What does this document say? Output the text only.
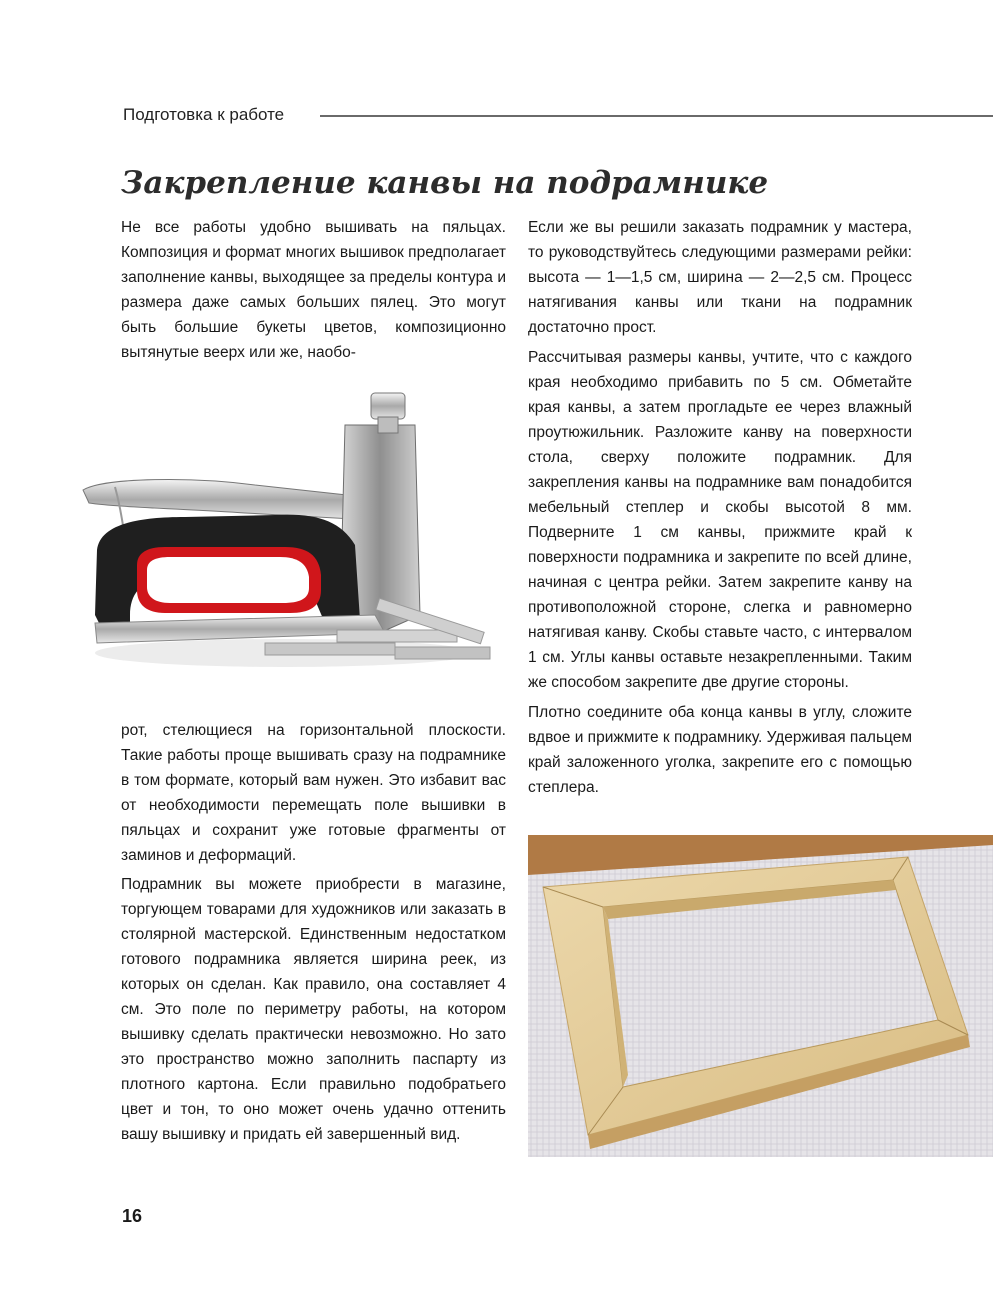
Подготовка к работе
Закрепление канвы на подрамнике

Не все работы удобно вышивать на пяльцах. Композиция и формат многих вышивок предполагает заполнение канвы, выходящее за пределы контура и размера даже самых больших пялец. Это могут быть большие букеты цветов, композиционно вытянутые веерх или же, наобо-

рот, стелющиеся на горизонтальной плоскости. Такие работы проще вышивать сразу на подрамнике в том формате, который вам нужен. Это избавит вас от необходимости перемещать поле вышивки в пяльцах и сохранит уже готовые фрагменты от заминов и деформаций.

Подрамник вы можете приобрести в магазине, торгующем товарами для художников или заказать в столярной мастерской. Единственным недостатком готового подрамника является ширина реек, из которых он сделан. Как правило, она составляет 4 см. Это поле по периметру работы, на котором вышивку сделать практически невозможно. Но зато это пространство можно заполнить паспарту из плотного картона. Если правильно подобратьего цвет и тон, то оно может очень удачно оттенить вашу вышивку и придать ей завершенный вид.

Если же вы решили заказать подрамник у мастера, то руководствуйтесь следующими размерами рейки: высота — 1—1,5 см, ширина — 2—2,5 см. Процесс натягивания канвы или ткани на подрамник достаточно прост.

Рассчитывая размеры канвы, учтите, что с каждого края необходимо прибавить по 5 см. Обметайте края канвы, а затем прогладьте ее через влажный проутюжильник. Разложите канву на поверхности стола, сверху положите подрамник. Для закрепления канвы на подрамнике вам понадобится мебельный степлер и скобы высотой 8 мм. Подверните 1 см канвы, прижмите край к поверхности подрамника и закрепите по всей длине, начиная с центра рейки. Затем закрепите канву на противоположной стороне, слегка и равномерно натягивая канву. Скобы ставьте часто, с интервалом 1 см. Углы канвы оставьте незакрепленными. Таким же способом закрепите две другие стороны.

Плотно соедините оба конца канвы в углу, сложите вдвое и прижмите к подрамнику. Удерживая пальцем край заложенного уголка, закрепите его с помощью степлера.

16
